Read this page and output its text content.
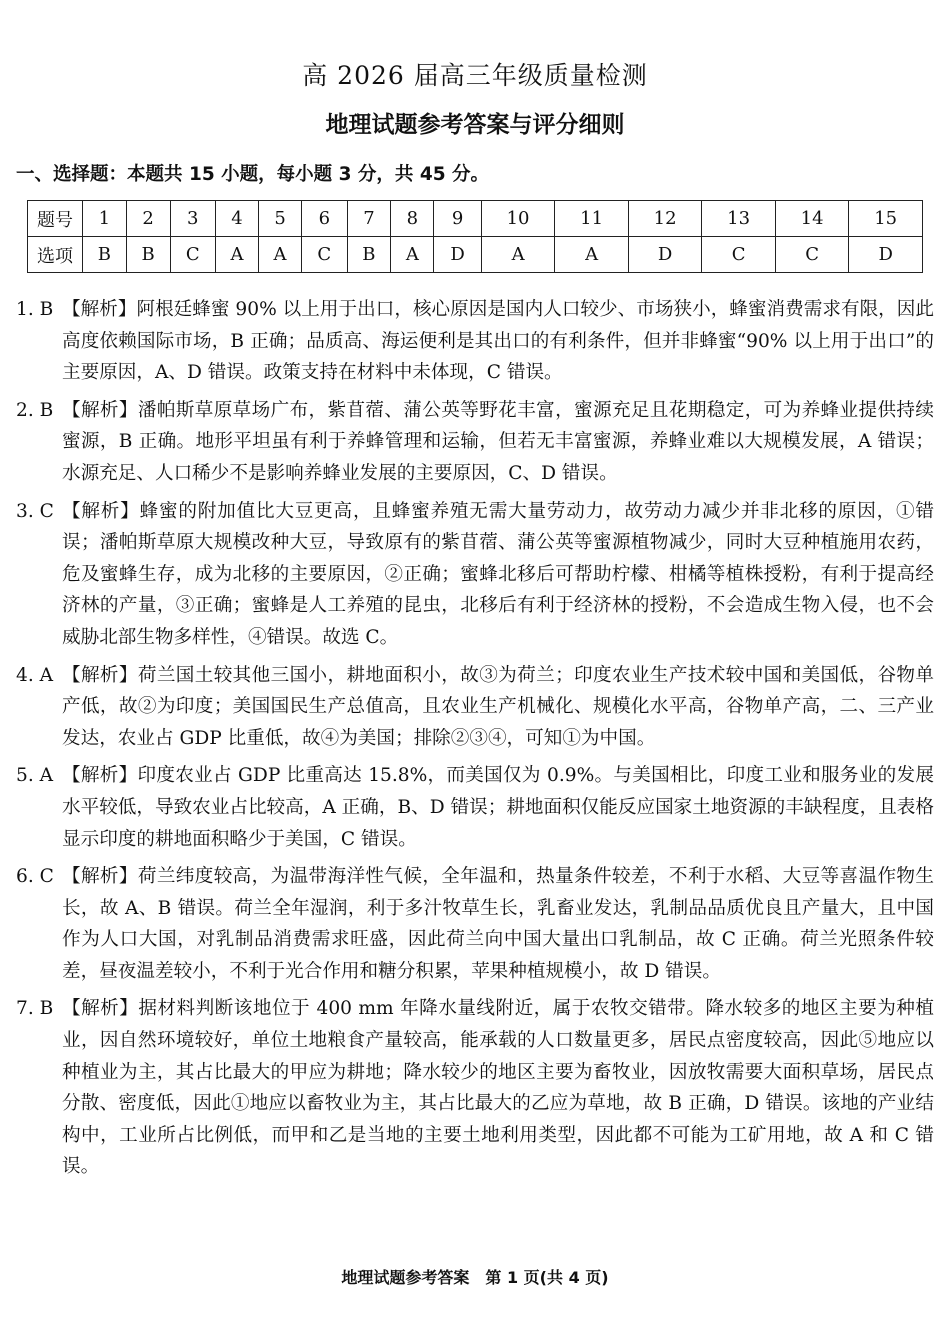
高 2026 届高三年级质量检测
地理试题参考答案与评分细则
一、选择题：本题共 15 小题，每小题 3 分，共 45 分。
题号	1	2	3	4	5	6	7	8	9	10	11	12	13	14	15
选项	B	B	C	A	A	C	B	A	D	A	A	D	C	C	D
1. B 【解析】阿根廷蜂蜜 90% 以上用于出口，核心原因是国内人口较少、市场狭小，蜂蜜消费需求有限，因此高度依赖国际市场，B 正确；品质高、海运便利是其出口的有利条件，但并非蜂蜜“90% 以上用于出口”的主要原因，A、D 错误。政策支持在材料中未体现，C 错误。
2. B 【解析】潘帕斯草原草场广布，紫苜蓿、蒲公英等野花丰富，蜜源充足且花期稳定，可为养蜂业提供持续蜜源，B 正确。地形平坦虽有利于养蜂管理和运输，但若无丰富蜜源，养蜂业难以大规模发展，A 错误；水源充足、人口稀少不是影响养蜂业发展的主要原因，C、D 错误。
3. C 【解析】蜂蜜的附加值比大豆更高，且蜂蜜养殖无需大量劳动力，故劳动力减少并非北移的原因，①错误；潘帕斯草原大规模改种大豆，导致原有的紫苜蓿、蒲公英等蜜源植物减少，同时大豆种植施用农药，危及蜜蜂生存，成为北移的主要原因，②正确；蜜蜂北移后可帮助柠檬、柑橘等植株授粉，有利于提高经济林的产量，③正确；蜜蜂是人工养殖的昆虫，北移后有利于经济林的授粉，不会造成生物入侵，也不会威胁北部生物多样性，④错误。故选 C。
4. A 【解析】荷兰国土较其他三国小，耕地面积小，故③为荷兰；印度农业生产技术较中国和美国低，谷物单产低，故②为印度；美国国民生产总值高，且农业生产机械化、规模化水平高，谷物单产高，二、三产业发达，农业占 GDP 比重低，故④为美国；排除②③④，可知①为中国。
5. A 【解析】印度农业占 GDP 比重高达 15.8%，而美国仅为 0.9%。与美国相比，印度工业和服务业的发展水平较低，导致农业占比较高，A 正确，B、D 错误；耕地面积仅能反应国家土地资源的丰缺程度，且表格显示印度的耕地面积略少于美国，C 错误。
6. C 【解析】荷兰纬度较高，为温带海洋性气候，全年温和，热量条件较差，不利于水稻、大豆等喜温作物生长，故 A、B 错误。荷兰全年湿润，利于多汁牧草生长，乳畜业发达，乳制品品质优良且产量大，且中国作为人口大国，对乳制品消费需求旺盛，因此荷兰向中国大量出口乳制品，故 C 正确。荷兰光照条件较差，昼夜温差较小，不利于光合作用和糖分积累，苹果种植规模小，故 D 错误。
7. B 【解析】据材料判断该地位于 400 mm 年降水量线附近，属于农牧交错带。降水较多的地区主要为种植业，因自然环境较好，单位土地粮食产量较高，能承载的人口数量更多，居民点密度较高，因此⑤地应以种植业为主，其占比最大的甲应为耕地；降水较少的地区主要为畜牧业，因放牧需要大面积草场，居民点分散、密度低，因此①地应以畜牧业为主，其占比最大的乙应为草地，故 B 正确，D 错误。该地的产业结构中，工业所占比例低，而甲和乙是当地的主要土地利用类型，因此都不可能为工矿用地，故 A 和 C 错误。
地理试题参考答案　第 1 页(共 4 页)
